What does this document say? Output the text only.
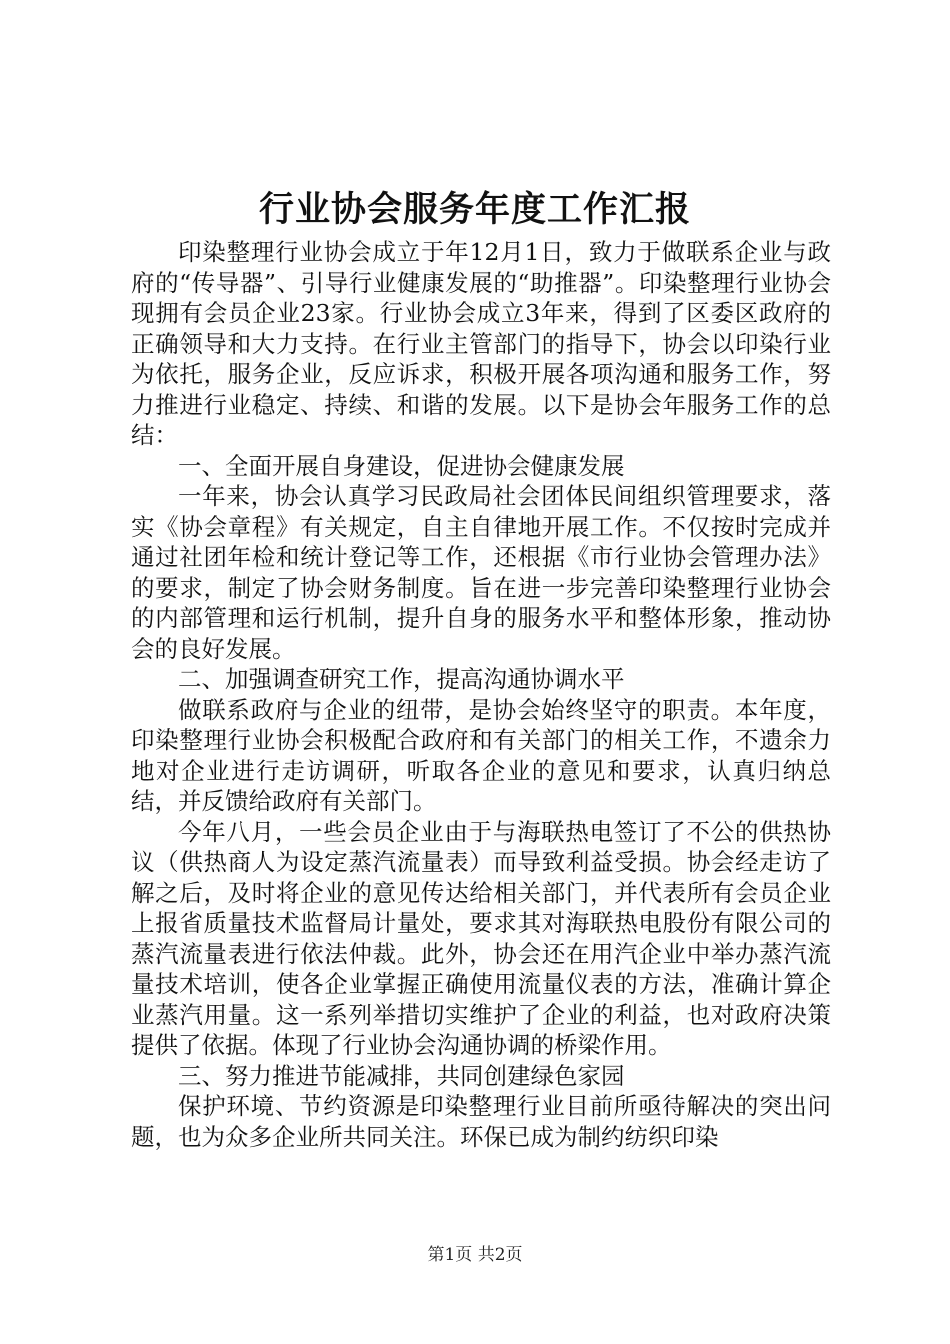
行业协会服务年度工作汇报

印染整理行业协会成立于年12月1日，致力于做联系企业与政府的“传导器”、引导行业健康发展的“助推器”。印染整理行业协会现拥有会员企业23家。行业协会成立3年来，得到了区委区政府的正确领导和大力支持。在行业主管部门的指导下，协会以印染行业为依托，服务企业，反应诉求，积极开展各项沟通和服务工作，努力推进行业稳定、持续、和谐的发展。以下是协会年服务工作的总结：

一、全面开展自身建设，促进协会健康发展

一年来，协会认真学习民政局社会团体民间组织管理要求，落实《协会章程》有关规定，自主自律地开展工作。不仅按时完成并通过社团年检和统计登记等工作，还根据《市行业协会管理办法》的要求，制定了协会财务制度。旨在进一步完善印染整理行业协会的内部管理和运行机制，提升自身的服务水平和整体形象，推动协会的良好发展。

二、加强调查研究工作，提高沟通协调水平

做联系政府与企业的纽带，是协会始终坚守的职责。本年度，印染整理行业协会积极配合政府和有关部门的相关工作，不遗余力地对企业进行走访调研，听取各企业的意见和要求，认真归纳总结，并反馈给政府有关部门。

今年八月，一些会员企业由于与海联热电签订了不公的供热协议（供热商人为设定蒸汽流量表）而导致利益受损。协会经走访了解之后，及时将企业的意见传达给相关部门，并代表所有会员企业上报省质量技术监督局计量处，要求其对海联热电股份有限公司的蒸汽流量表进行依法仲裁。此外，协会还在用汽企业中举办蒸汽流量技术培训，使各企业掌握正确使用流量仪表的方法，准确计算企业蒸汽用量。这一系列举措切实维护了企业的利益，也对政府决策提供了依据。体现了行业协会沟通协调的桥梁作用。

三、努力推进节能减排，共同创建绿色家园

保护环境、节约资源是印染整理行业目前所亟待解决的突出问题，也为众多企业所共同关注。环保已成为制约纺织印染

第1页 共2页
